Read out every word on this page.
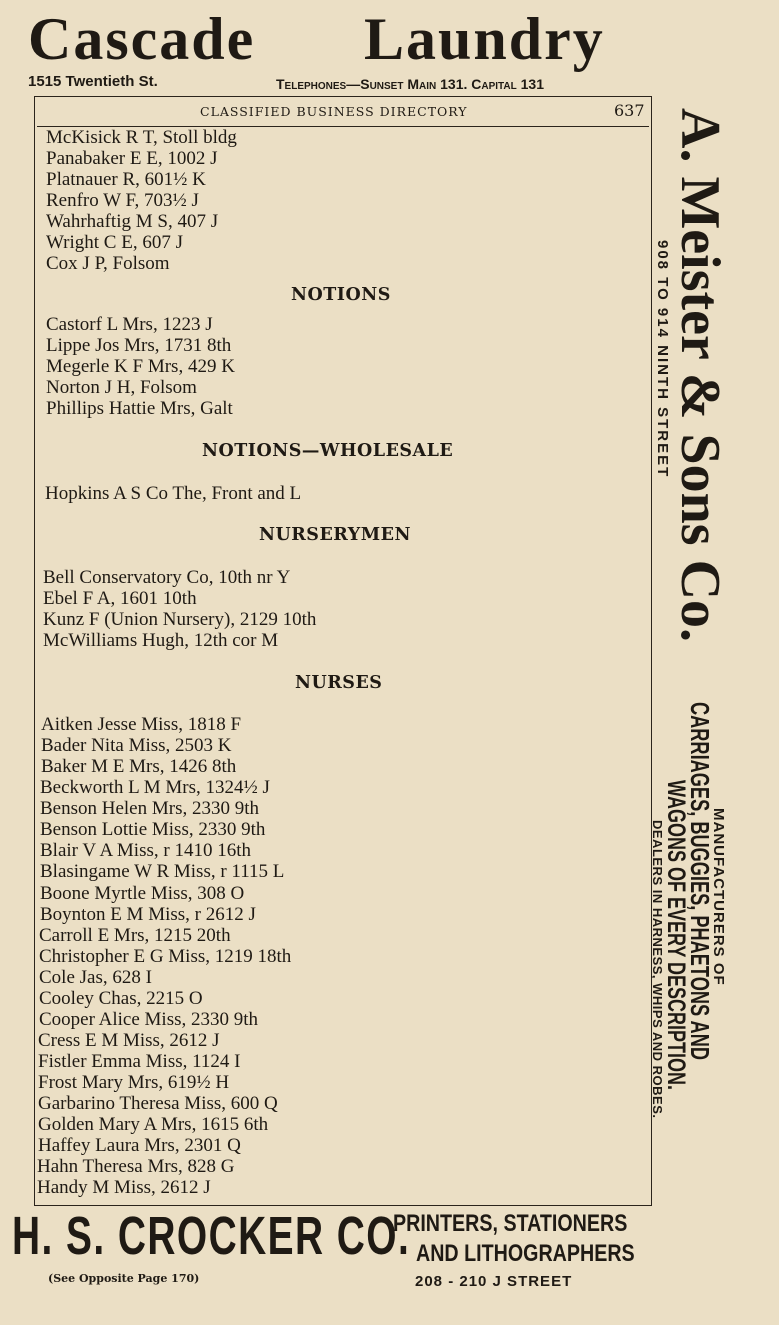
Cascade Laundry
1515 Twentieth St.	Telephones—Sunset Main 131. Capital 131
CLASSIFIED BUSINESS DIRECTORY	637
McKisick R T, Stoll bldg
Panabaker E E, 1002 J
Platnauer R, 601½ K
Renfro W F, 703½ J
Wahrhaftig M S, 407 J
Wright C E, 607 J
Cox J P, Folsom
NOTIONS
Castorf L Mrs, 1223 J
Lippe Jos Mrs, 1731 8th
Megerle K F Mrs, 429 K
Norton J H, Folsom
Phillips Hattie Mrs, Galt
NOTIONS—WHOLESALE
Hopkins A S Co The, Front and L
NURSERYMEN
Bell Conservatory Co, 10th nr Y
Ebel F A, 1601 10th
Kunz F (Union Nursery), 2129 10th
McWilliams Hugh, 12th cor M
NURSES
Aitken Jesse Miss, 1818 F
Bader Nita Miss, 2503 K
Baker M E Mrs, 1426 8th
Beckworth L M Mrs, 1324½ J
Benson Helen Mrs, 2330 9th
Benson Lottie Miss, 2330 9th
Blair V A Miss, r 1410 16th
Blasingame W R Miss, r 1115 L
Boone Myrtle Miss, 308 O
Boynton E M Miss, r 2612 J
Carroll E Mrs, 1215 20th
Christopher E G Miss, 1219 18th
Cole Jas, 628 I
Cooley Chas, 2215 O
Cooper Alice Miss, 2330 9th
Cress E M Miss, 2612 J
Fistler Emma Miss, 1124 I
Frost Mary Mrs, 619½ H
Garbarino Theresa Miss, 600 Q
Golden Mary A Mrs, 1615 6th
Haffey Laura Mrs, 2301 Q
Hahn Theresa Mrs, 828 G
Handy M Miss, 2612 J
A. Meister & Sons Co.
908 TO 914 NINTH STREET
MANUFACTURERS OF
CARRIAGES, BUGGIES, PHAETONS AND
WAGONS OF EVERY DESCRIPTION.
DEALERS IN HARNESS, WHIPS AND ROBES.
H. S. CROCKER CO.
PRINTERS, STATIONERS
AND LITHOGRAPHERS
208 - 210 J STREET
(See Opposite Page 170)
